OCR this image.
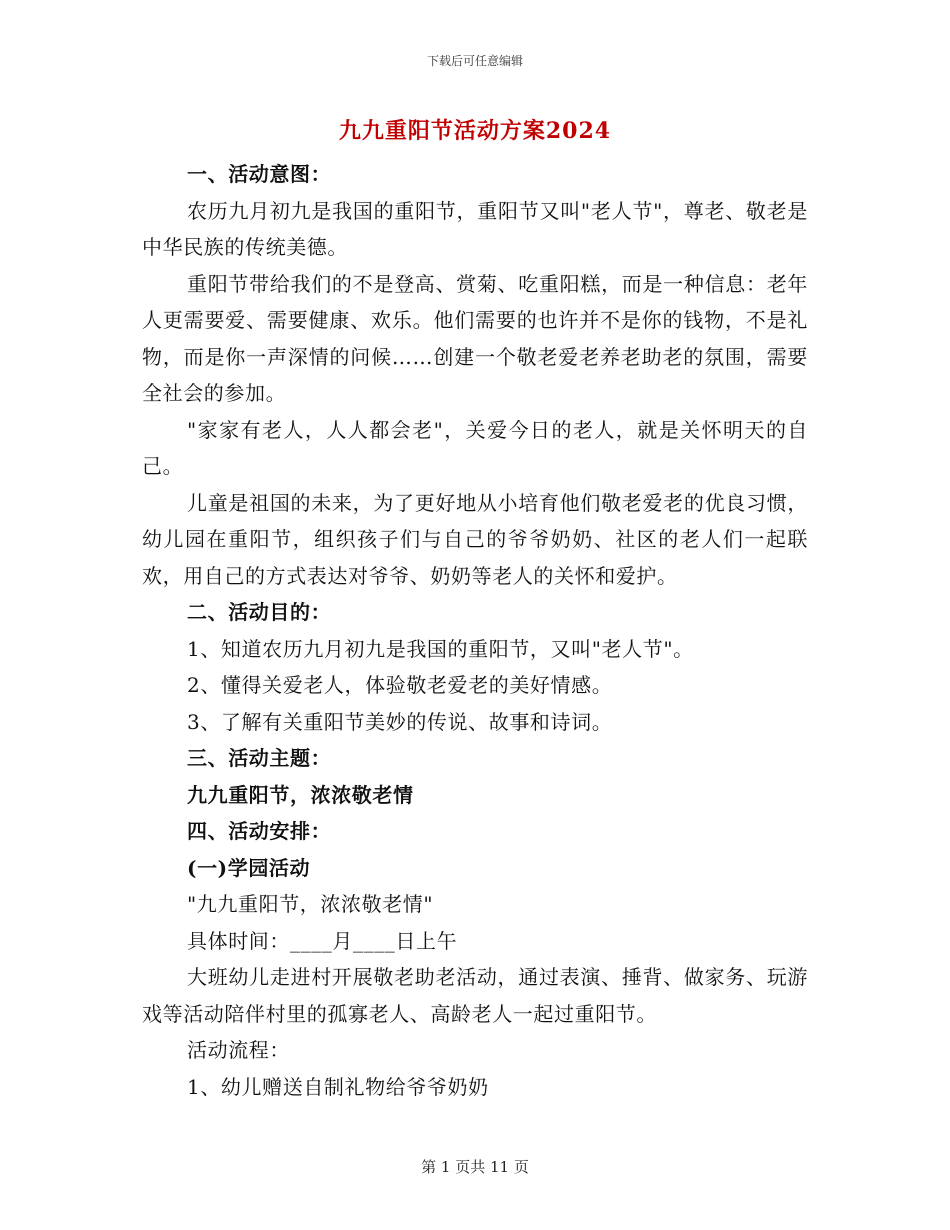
下载后可任意编辑
九九重阳节活动方案2024

一、活动意图：

农历九月初九是我国的重阳节，重阳节又叫"老人节"，尊老、敬老是中华民族的传统美德。

重阳节带给我们的不是登高、赏菊、吃重阳糕，而是一种信息：老年人更需要爱、需要健康、欢乐。他们需要的也许并不是你的钱物，不是礼物，而是你一声深情的问候……创建一个敬老爱老养老助老的氛围，需要全社会的参加。

"家家有老人，人人都会老"，关爱今日的老人，就是关怀明天的自己。

儿童是祖国的未来，为了更好地从小培育他们敬老爱老的优良习惯，幼儿园在重阳节，组织孩子们与自己的爷爷奶奶、社区的老人们一起联欢，用自己的方式表达对爷爷、奶奶等老人的关怀和爱护。

二、活动目的：

1、知道农历九月初九是我国的重阳节，又叫"老人节"。

2、懂得关爱老人，体验敬老爱老的美好情感。

3、了解有关重阳节美妙的传说、故事和诗词。

三、活动主题：

九九重阳节，浓浓敬老情

四、活动安排：

(一)学园活动

"九九重阳节，浓浓敬老情"

具体时间：____月____日上午

大班幼儿走进村开展敬老助老活动，通过表演、捶背、做家务、玩游戏等活动陪伴村里的孤寡老人、高龄老人一起过重阳节。

活动流程：

1、幼儿赠送自制礼物给爷爷奶奶

第 1 页共 11 页
